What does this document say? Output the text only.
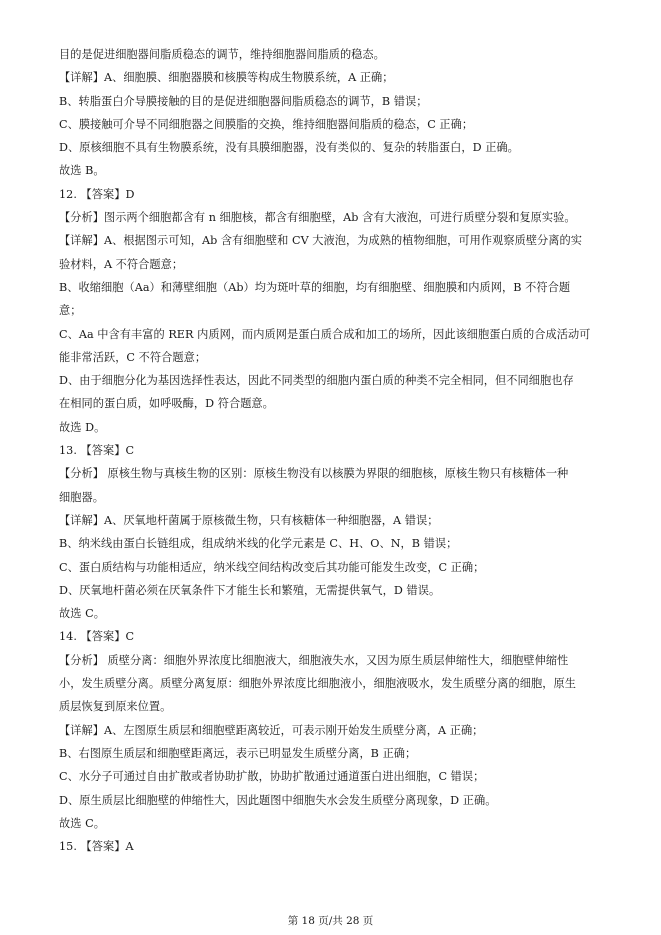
目的是促进细胞器间脂质稳态的调节，维持细胞器间脂质的稳态。

【详解】A、细胞膜、细胞器膜和核膜等构成生物膜系统，A 正确；

B、转脂蛋白介导膜接触的目的是促进细胞器间脂质稳态的调节，B 错误；

C、膜接触可介导不同细胞器之间膜脂的交换，维持细胞器间脂质的稳态，C 正确；

D、原核细胞不具有生物膜系统，没有具膜细胞器，没有类似的、复杂的转脂蛋白，D 正确。

故选 B。

12. 【答案】D

【分析】图示两个细胞都含有 n 细胞核，都含有细胞壁，Ab 含有大液泡，可进行质壁分裂和复原实验。

【详解】A、根据图示可知，Ab 含有细胞壁和 CV 大液泡，为成熟的植物细胞，可用作观察质壁分离的实

验材料，A 不符合题意；

B、收缩细胞（Aa）和薄壁细胞（Ab）均为斑叶草的细胞，均有细胞壁、细胞膜和内质网，B 不符合题

意；

C、Aa 中含有丰富的 RER 内质网，而内质网是蛋白质合成和加工的场所，因此该细胞蛋白质的合成活动可

能非常活跃，C 不符合题意；

D、由于细胞分化为基因选择性表达，因此不同类型的细胞内蛋白质的种类不完全相同，但不同细胞也存

在相同的蛋白质，如呼吸酶，D 符合题意。

故选 D。

13. 【答案】C

【分析】 原核生物与真核生物的区别：原核生物没有以核膜为界限的细胞核，原核生物只有核糖体一种

细胞器。

【详解】A、厌氧地杆菌属于原核微生物，只有核糖体一种细胞器，A 错误；

B、纳米线由蛋白长链组成，组成纳米线的化学元素是 C、H、O、N，B 错误；

C、蛋白质结构与功能相适应，纳米线空间结构改变后其功能可能发生改变，C 正确；

D、厌氧地杆菌必须在厌氧条件下才能生长和繁殖，无需提供氧气，D 错误。

故选 C。

14. 【答案】C

【分析】 质壁分离：细胞外界浓度比细胞液大，细胞液失水，又因为原生质层伸缩性大，细胞壁伸缩性

小，发生质壁分离。质壁分离复原：细胞外界浓度比细胞液小，细胞液吸水，发生质壁分离的细胞，原生

质层恢复到原来位置。

【详解】A、左图原生质层和细胞壁距离较近，可表示刚开始发生质壁分离，A 正确；

B、右图原生质层和细胞壁距离远，表示已明显发生质壁分离，B 正确；

C、水分子可通过自由扩散或者协助扩散，协助扩散通过通道蛋白进出细胞，C 错误；

D、原生质层比细胞壁的伸缩性大，因此题图中细胞失水会发生质壁分离现象，D 正确。

故选 C。

15. 【答案】A

第 18 页/共 28 页
